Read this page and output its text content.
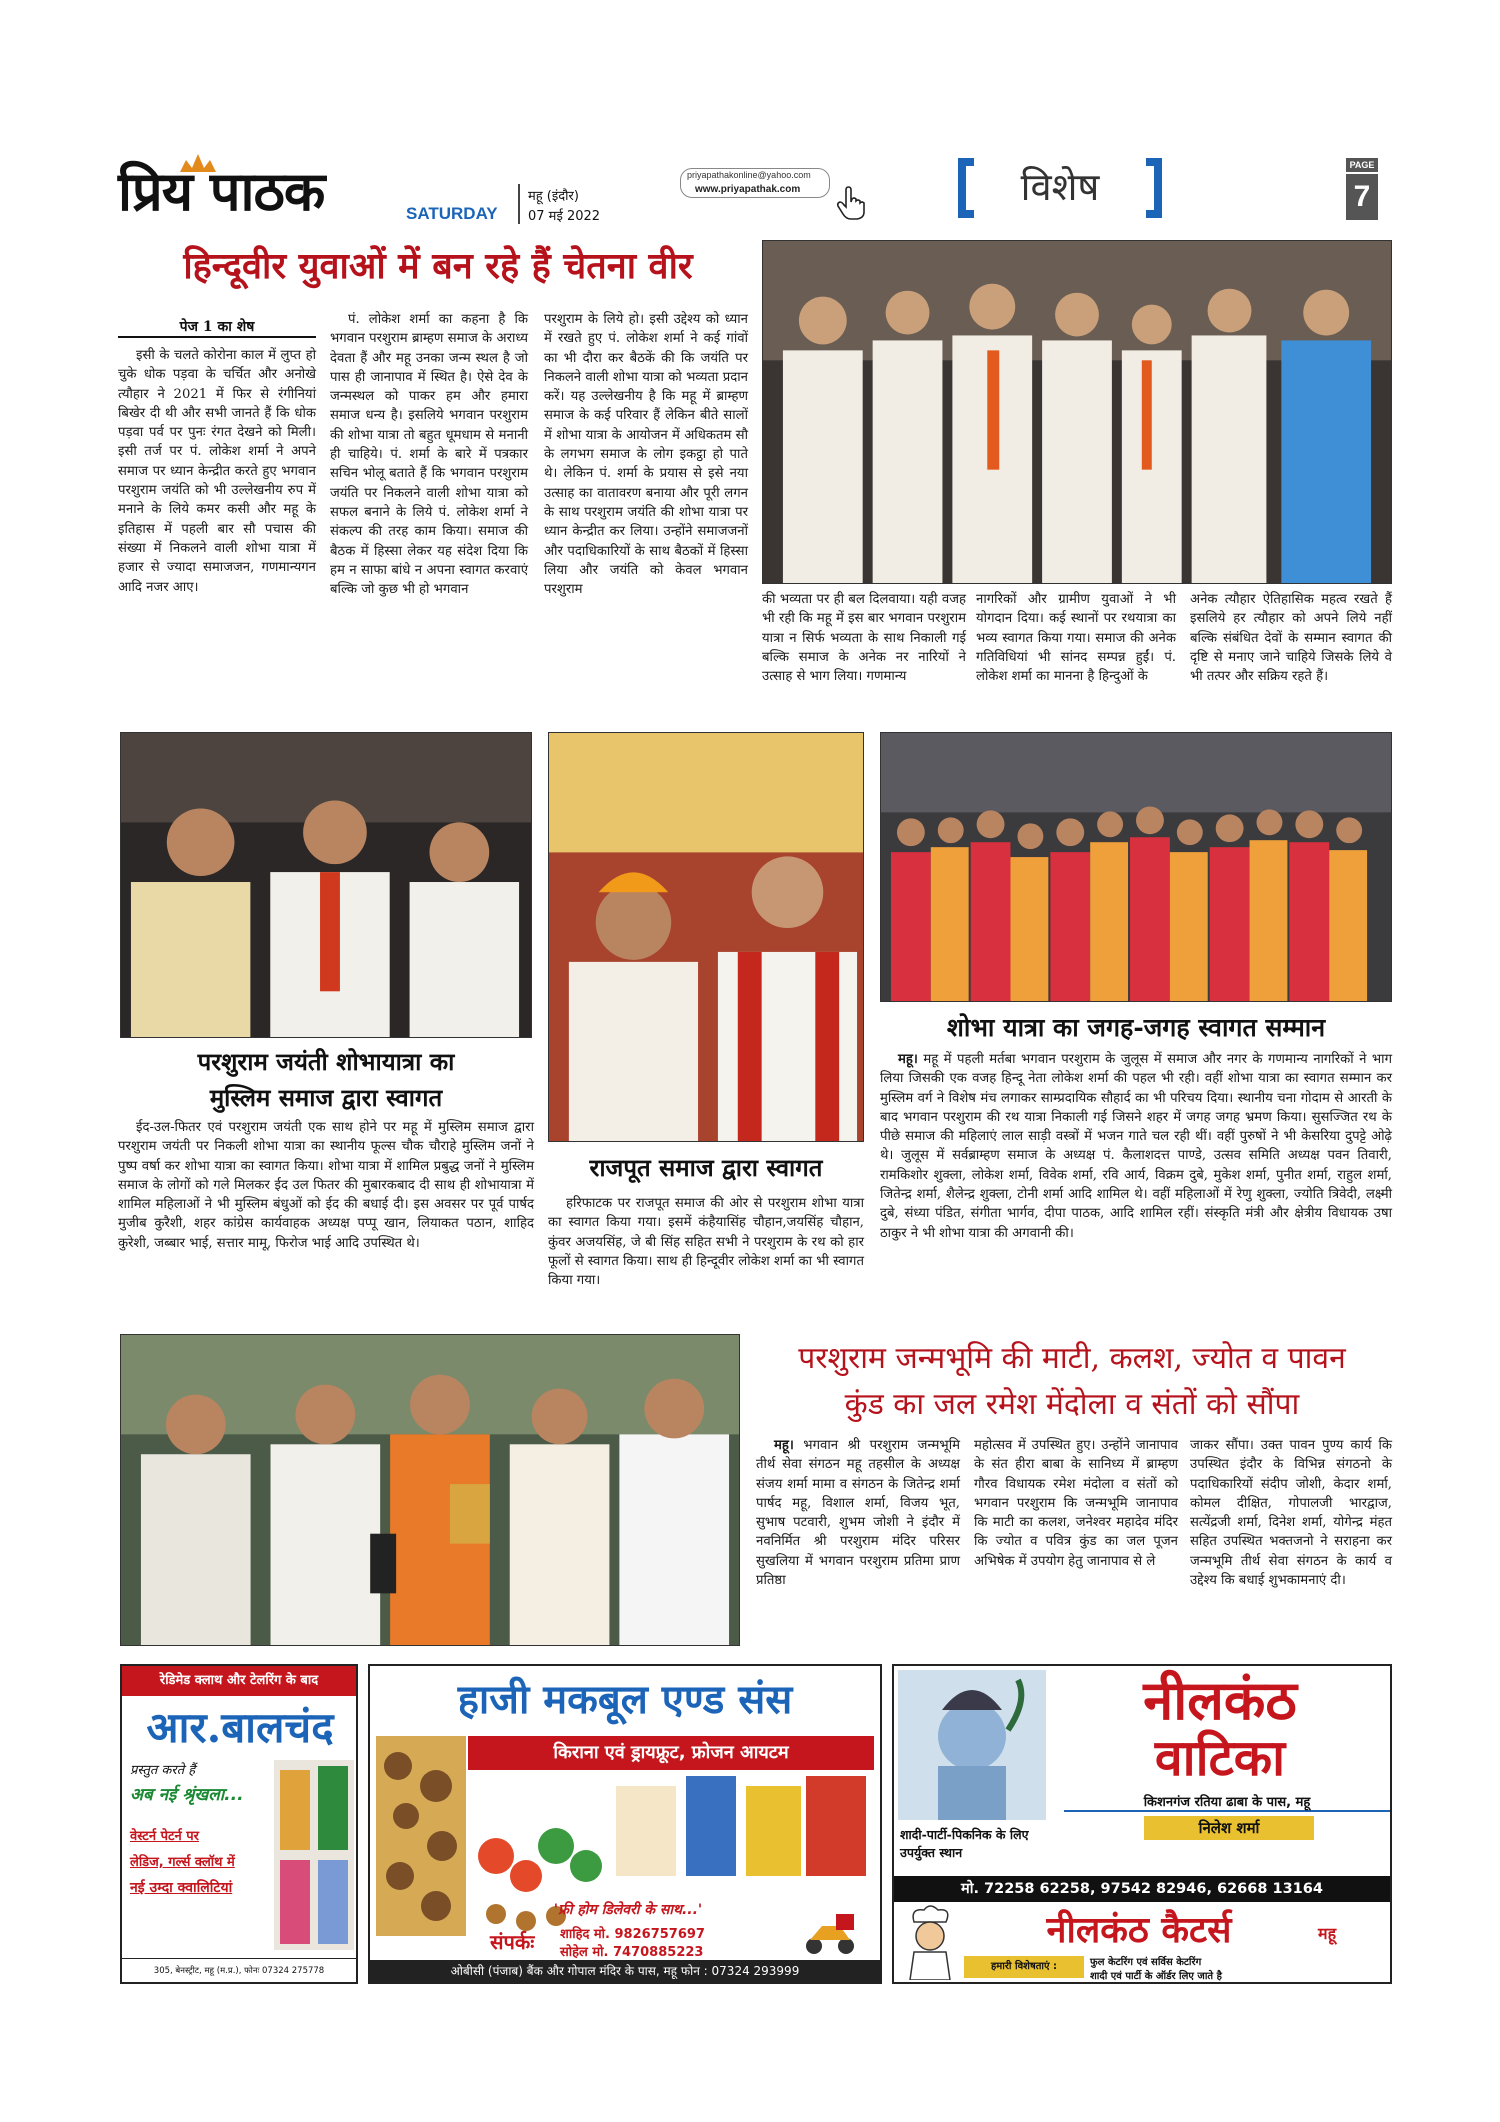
प्रिय पाठक	SATURDAY
महू (इंदौर)
07 मई 2022
priyapathakonline@yahoo.com
www.priyapathak.com	विशेष	PAGE
7
हिन्दूवीर युवाओं में बन रहे हैं चेतना वीर
पेज 1 का शेष

इसी के चलते कोरोना काल में लुप्त हो चुके धोक पड़वा के चर्चित और अनोखे त्यौहार ने 2021 में फिर से रंगीनियां बिखेर दी थी और सभी जानते हैं कि धोक पड़वा पर्व पर पुनः रंगत देखने को मिली। इसी तर्ज पर पं. लोकेश शर्मा ने अपने समाज पर ध्यान केन्द्रीत करते हुए भगवान परशुराम जयंति को भी उल्लेखनीय रुप में मनाने के लिये कमर कसी और महू के इतिहास में पहली बार सौ पचास की संख्या में निकलने वाली शोभा यात्रा में हजार से ज्यादा समाजजन, गणमान्यगन आदि नजर आए।

पं. लोकेश शर्मा का कहना है कि भगवान परशुराम ब्राम्हण समाज के अराध्य देवता हैं और महू उनका जन्म स्थल है जो पास ही जानापाव में स्थित है। ऐसे देव के जन्मस्थल को पाकर हम और हमारा समाज धन्य है। इसलिये भगवान परशुराम की शोभा यात्रा तो बहुत धूमधाम से मनानी ही चाहिये। पं. शर्मा के बारे में पत्रकार सचिन भोलू बताते हैं कि भगवान परशुराम जयंति पर निकलने वाली शोभा यात्रा को सफल बनाने के लिये पं. लोकेश शर्मा ने संकल्प की तरह काम किया। समाज की बैठक में हिस्सा लेकर यह संदेश दिया कि हम न साफा बांधे न अपना स्वागत करवाएं बल्कि जो कुछ भी हो भगवान

परशुराम के लिये हो। इसी उद्देश्य को ध्यान में रखते हुए पं. लोकेश शर्मा ने कई गांवों का भी दौरा कर बैठकें की कि जयंति पर निकलने वाली शोभा यात्रा को भव्यता प्रदान करें। यह उल्लेखनीय है कि महू में ब्राम्हण समाज के कई परिवार हैं लेकिन बीते सालों में शोभा यात्रा के आयोजन में अधिकतम सौ के लगभग समाज के लोग इकट्ठा हो पाते थे। लेकिन पं. शर्मा के प्रयास से इसे नया उत्साह का वातावरण बनाया और पूरी लगन के साथ परशुराम जयंति की शोभा यात्रा पर ध्यान केन्द्रीत कर लिया। उन्होंने समाजजनों और पदाधिकारियों के साथ बैठकों में हिस्सा लिया और जयंति को केवल भगवान परशुराम

की भव्यता पर ही बल दिलवाया। यही वजह भी रही कि महू में इस बार भगवान परशुराम यात्रा न सिर्फ भव्यता के साथ निकाली गई बल्कि समाज के अनेक नर नारियों ने उत्साह से भाग लिया। गणमान्य

नागरिकों और ग्रामीण युवाओं ने भी योगदान दिया। कई स्थानों पर रथयात्रा का भव्य स्वागत किया गया। समाज की अनेक गतिविधियां भी सांनद सम्पन्न हुईं। पं. लोकेश शर्मा का मानना है हिन्दुओं के

अनेक त्यौहार ऐतिहासिक महत्व रखते हैं इसलिये हर त्यौहार को अपने लिये नहीं बल्कि संबंधित देवों के सम्मान स्वागत की दृष्टि से मनाए जाने चाहिये जिसके लिये वे भी तत्पर और सक्रिय रहते हैं।

परशुराम जयंती शोभायात्रा का
मुस्लिम समाज द्वारा स्वागत

ईद-उल-फितर एवं परशुराम जयंती एक साथ होने पर महू में मुस्लिम समाज द्वारा परशुराम जयंती पर निकली शोभा यात्रा का स्थानीय फूल्स चौक चौराहे मुस्लिम जनों ने पुष्प वर्षा कर शोभा यात्रा का स्वागत किया। शोभा यात्रा में शामिल प्रबुद्ध जनों ने मुस्लिम समाज के लोगों को गले मिलकर ईद उल फितर की मुबारकबाद दी साथ ही शोभायात्रा में शामिल महिलाओं ने भी मुस्लिम बंधुओं को ईद की बधाई दी। इस अवसर पर पूर्व पार्षद मुजीब कुरैशी, शहर कांग्रेस कार्यवाहक अध्यक्ष पप्पू खान, लियाकत पठान, शाहिद कुरेशी, जब्बार भाई, सत्तार मामू, फिरोज भाई आदि उपस्थित थे।

राजपूत समाज द्वारा स्वागत

हरिफाटक पर राजपूत समाज की ओर से परशुराम शोभा यात्रा का स्वागत किया गया। इसमें कंहैयासिंह चौहान,जयसिंह चौहान, कुंवर अजयसिंह, जे बी सिंह सहित सभी ने परशुराम के रथ को हार फूलों से स्वागत किया। साथ ही हिन्दूवीर लोकेश शर्मा का भी स्वागत किया गया।

शोभा यात्रा का जगह-जगह स्वागत सम्मान

महू। महू में पहली मर्तबा भगवान परशुराम के जुलूस में समाज और नगर के गणमान्य नागरिकों ने भाग लिया जिसकी एक वजह हिन्दू नेता लोकेश शर्मा की पहल भी रही। वहीं शोभा यात्रा का स्वागत सम्मान कर मुस्लिम वर्ग ने विशेष मंच लगाकर साम्प्रदायिक सौहार्द का भी परिचय दिया। स्थानीय चना गोदाम से आरती के बाद भगवान परशुराम की रथ यात्रा निकाली गई जिसने शहर में जगह जगह भ्रमण किया। सुसज्जित रथ के पीछे समाज की महिलाएं लाल साड़ी वस्त्रों में भजन गाते चल रही थीं। वहीं पुरुषों ने भी केसरिया दुपट्टे ओढ़े थे। जुलूस में सर्वब्राम्हण समाज के अध्यक्ष पं. कैलाशदत्त पाण्डे, उत्सव समिति अध्यक्ष पवन तिवारी, रामकिशोर शुक्ला, लोकेश शर्मा, विवेक शर्मा, रवि आर्य, विक्रम दुबे, मुकेश शर्मा, पुनीत शर्मा, राहुल शर्मा, जितेन्द्र शर्मा, शैलेन्द्र शुक्ला, टोनी शर्मा आदि शामिल थे। वहीं महिलाओं में रेणु शुक्ला, ज्योति त्रिवेदी, लक्ष्मी दुबे, संध्या पंडित, संगीता भार्गव, दीपा पाठक, आदि शामिल रहीं। संस्कृति मंत्री और क्षेत्रीय विधायक उषा ठाकुर ने भी शोभा यात्रा की अगवानी की।

परशुराम जन्मभूमि की माटी, कलश, ज्योत व पावन
कुंड का जल रमेश मेंदोला व संतों को सौंपा

महू। भगवान श्री परशुराम जन्मभूमि तीर्थ सेवा संगठन महू तहसील के अध्यक्ष संजय शर्मा मामा व संगठन के जितेन्द्र शर्मा पार्षद महू, विशाल शर्मा, विजय भूत, सुभाष पटवारी, शुभम जोशी ने इंदौर में नवनिर्मित श्री परशुराम मंदिर परिसर सुखलिया में भगवान परशुराम प्रतिमा प्राण प्रतिष्ठा

महोत्सव में उपस्थित हुए। उन्होंने जानापाव के संत हीरा बाबा के सानिध्य में ब्राम्हण गौरव विधायक रमेश मंदोला व संतों को भगवान परशुराम कि जन्मभूमि जानापाव कि माटी का कलश, जनेश्वर महादेव मंदिर कि ज्योत व पवित्र कुंड का जल पूजन अभिषेक में उपयोग हेतु जानापाव से ले

जाकर सौंपा। उक्त पावन पुण्य कार्य कि उपस्थित इंदौर के विभिन्न संगठनो के पदाधिकारियों संदीप जोशी, केदार शर्मा, कोमल दीक्षित, गोपालजी भारद्वाज, सत्येंद्रजी शर्मा, दिनेश शर्मा, योगेन्द्र मंहत सहित उपस्थित भक्तजनो ने सराहना कर जन्मभूमि तीर्थ सेवा संगठन के कार्य व उद्देश्य कि बधाई शुभकामनाएं दी।

रेडिमेड क्लाथ और टेलरिंग के बाद
आर.बालचंद
प्रस्तुत करते हैं
अब नई श्रृंखला...
वेस्टर्न पेटर्न पर
लेडिज, गर्ल्स क्लॉथ में
नई उम्दा क्वालिटियां
305, बेनस्ट्रीट, महू (म.प्र.), फोनः 07324 275778
हाजी मकबूल एण्ड संस
किराना एवं ड्रायफ्रूट, फ्रोजन आयटम
'फ्री होम डिलेवरी के साथ...'
संपर्कः	शाहिद मो. 9826757697
सोहेल मो. 7470885223
ओबीसी (पंजाब) बैंक और गोपाल मंदिर के पास, महू फोन : 07324 293999
नीलकंठ
वाटिका
शादी-पार्टी-पिकनिक के लिए उपर्युक्त स्थान
किशनगंज रतिया ढाबा के पास, महू
निलेश शर्मा
मो. 72258 62258, 97542 82946, 62668 13164
नीलकंठ कैटर्स	महू
हमारी विशेषताएं :	फुल केटरिंग एवं सर्विस केटरिंग
शादी एवं पार्टी के ऑर्डर लिए जाते है
